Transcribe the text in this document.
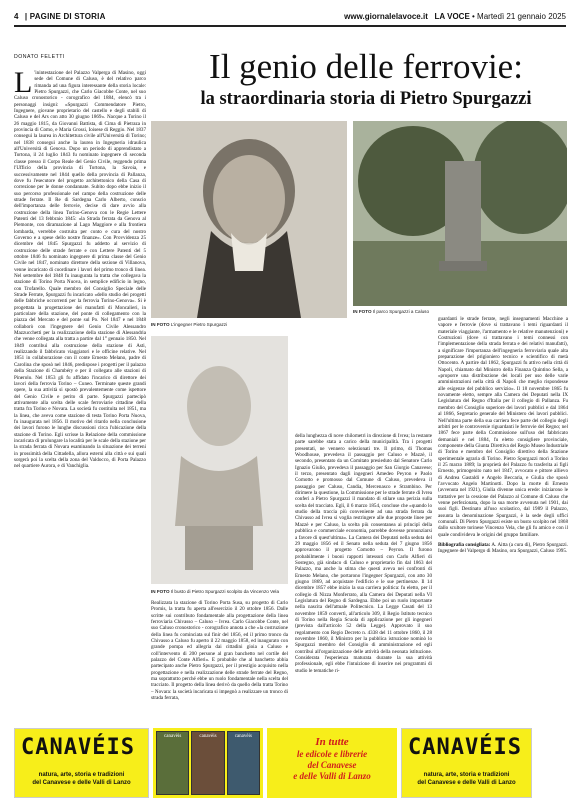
4 | PAGINE DI STORIA	www.giornalelavoce.it LA VOCE • Martedì 21 gennaio 2025
DONATO FELETTI	Il genio delle ferrovie:
la straordinaria storia di Pietro Spurgazzi
L 'inintestazione del Palazzo Valperga di Masino, oggi sede del Comune di Caluso, è del relativo parco rimanda ad una figura interessante della storia locale: Pietro Spurgazzi, che Carlo Giacobbe Conte, nel suo Caluso cronostorico - corografico del 1884, elencò tra i personaggi insigni: «Spurgazzi Commendatore Pietro, Ingegnere, giovane proprietario del castello e degli stabili di Caluso e del Ars con atto 30 giugno 1869». Nacque a Torino il 26 maggio 1815, da Giovanni Battista, di Cima di Pietraza in provincia di Como, e Maria Grossi, Ioisese di Reggio. Nel 1837 conseguì la laurea in Architettura civile all'Università di Torino; nel 1838 conseguì anche la laurea in Ingegneria idraulica all'Università di Genova. Dopo un periodo di apprendistato a Tortona, il 24 luglio 1843 fu nominato ingegnere di seconda classe presso il Corpo Reale del Genio Civile, reggendo prima l'Ufficio della provincia di Tortona, la Savoia, e successivamente nel 1844 quello della provincia di Pallanza, dove fu l'esecutore del progetto architettonico della Casa di correzione per le donne condannate. Subito dopo ebbe inizio il suo percorso professionale nel campo della costruzione delle strade ferrate. Il Re di Sardegna Carlo Alberto, conscio dell'importanza delle ferrovie, decise di dare avvio alla costruzione della linea Torino-Genova con le Regie Lettere Patenti del 13 febbraio 1845: «la Strada ferrata da Genova al Piemonte, con diramazione al Lago Maggiore e alla frontiera lombarda, verrebbe costruita per conto e cura del nostro Governo e a spese dello nostre finanze». Con Provvidenza 25 dicembre del 1845 Spurgazzi fu addetto al servizio di costruzione delle strade ferrate e con Lettere Patenti del 5 ottobre 1846 fu nominato ingegnere di prima classe del Genio Civile nel 1847, nominato direttore della sezione di Villanova, venne incaricato di coordinare i lavori del primo tronco di linea. Nel settembre del 1848 fu inaugurata la tratta che collegava la stazione di Torino Porta Nuova, in semplice edificio in legno, con Trofarello. Quale membro del Consiglio Speciale delle Strade Ferrate, Spurgazzi fu incaricato «dello studio dei progetti delle fabbriche occorrenti per la ferrovia Torino-Genova». Si è progettata la progettazione dei manufatti di Moncalieri, in particolare della stazione, del ponte di collegamento con la piazza del Mercato e del ponte sul Po. Nel 1847 e nel 1848 collaborò con l'ingegnere del Genio Civile Alessandro Mazzucchetti per la realizzazione della stazione di Alessandria che venne collegata alla tratta a partire dal 1° gennaio 1850. Nel 1849 contribuì alla costruzione della stazione di Asti, realizzando il fabbricato viaggiatori e le officine relative. Nel 1851 in collaborazione con il conte Ernesto Melano, padre di Carolina che sposò nel 1846, predispose i progetti per il palazzo della Stazione di Chambéry e per il collegato alle stazioni di Pinerolo. Nel 1853 gli fu affidato l'incarico di direttore dei lavori della ferrovia Torino – Cuneo. Terminate queste grandi opere, la sua attività si spostò prevalentemente come ispettore del Genio Civile e perito di parte. Spurgazzi partecipò attivamente alla scelta delle scale ferroviarie cittadine della tratta fra Torino e Novara. La società fu costituita nel 1851, ma la linea, che aveva come stazione di testa Torino Porta Nuova, fu inaugurata nel 1856. Il motivo del ritardo nella conclusione dei lavori furono le lunghe discussioni circa l'ubicazione della stazione di Torino. Egli scrisse la Relazione della commissione incaricata di prolungare la località per le scale della stazione per la strada ferrata di Novara esaminando la situazione dei terreni in prossimità della Cittadella, allora esterni alla città e sui quali sorgerà poi la scelta della zona del Valdocco, di Porta Palazzo nel quartiere Aurora, e di Vanchiglia.
IN FOTO L'ingegner Pietro Spurgazzi
IN FOTO Il parco Spurgazzi a Caluso
guardanti le strade ferrate, negli insegnamenti Macchine a vapore e ferrovie (dove si trattavano i temi riguardanti il materiale viaggiante, l'armamento e le relative manutenzioni) e Costruzioni (dove si trattavano i temi connessi con l'implementazione della strada ferrata e dei relativi manufatti), a significare l'importanza dell'ingegneria ferroviaria quale alta preparazione del prigioniero tecnico e scientifico di metà Ottocento. A partire dal 1862, Spurgazzi fu attivo nella città di Napoli, chiamato dal Ministro della Finanza Quintino Sella, a «proporre una distribuzione dei locali per uso delle varie amministrazioni nella città di Napoli che meglio rispondesse alle esigenze del pubblico servizio». Il 18 novembre 1865 fu novamente eletto, sempre alla Camera dei Deputati nella IX Legislatura del Regno d'Italia per il collegio di Pallanza. Fu membro del Consiglio superiore dei lavori pubblici e dal 1864 al 1866, Segretario generale del Ministero dei lavori pubblici. Nell'ultima parte della sua carriera fece parte del collegio degli arbitri per le controversie riguardanti le ferrovie del Regno; nel 1867 fece parte della Commissione sull'uso del fabbricato demaniali e nel 1884, fu eletto consigliere provinciale, componente della Giunta Direttiva del Regio Museo Industriale di Torino e membro del Consiglio direttivo della Stazione sperimentale agraria di Torino. Pietro Spurgazzi morì a Torino il 25 marzo 1889; la proprietà del Palazzo fu trasferita ai figli Ernesto, primogenito nato nel 1847, avvocato e pittore allievo di Andrea Gastaldi e Angelo Beccaria, e Giulia che sposò l'avvocato Angelo Martinotti. Dopo la morte di Ernesto (avvenuta nel 1921), Giulia divenne unica erede: iniziarono le trattative per la cessione del Palazzo al Comune di Caluso che venne perfezionata, dopo la sua morte avvenuta nel 1901, dai suoi figli. Destinato all'uso scolastico, dal 1989 il Palazzo, assunta la denominazione Spurgazzi, è la sede degli uffici comunali. Di Pietro Spurgazzi esiste un busto scolpito nel 1868 dallo scultore torinese Vincenzo Vela, che gli fu amico e con il quale condivideva le origini del gruppo familiare.

Bibliografia consigliata: A. Aitta (a cura di), Pietro Spurgazzi. Ingegnere del Valpergo di Masino, ora Spurgazzi, Caluso 1995.

IN FOTO Il busto di Pietro Spurgazzi scolpito da Vincenzo Vela
Realizzata la stazione di Torino Porta Susa, su progetto di Carlo Promis, la tratta fu aperta all'esercizio il 20 ottobre 1856. Dalle scritte sui contributo fondamentale alla progettazione della linea ferroviaria Chivasso – Caluso – Ivrea. Carlo Giacobbe Conte, nel suo Caluso cronostorico - corografico annota a che «la costruzione della linea fu cominciata sul finir del 1856, ed il primo tronco da Chivasso a Caluso fu aperto il 22 maggio 1858, ed inaugurato con grande pompa ed allegria dai cittadini gioia a Caluso e coll'intervento di 200 persone al gran banchetto nel cortile del palazzo del Conte Alfieri». E probabile che al banchetto abbia partecipato anche Pietro Spurgazzi, per il prestigio acquisito nella progettazione e nella realizzazione delle strade ferrate del Regno, ma soprattutto perché ebbe un ruolo fondamentale nella scelta del tracciato. Il progetto della linea derivò da quello della tratta Torino – Novara: la società incaricata si impegnò a realizzare un tronco di strada ferrata,
della lunghezza di nove chilometri in direzione di Ivrea; la restante parte sarebbe stata a carico della municipalità. Tra i progetti presentati, ne vennero selezionati tre. Il primo, di Thomas Woodhouse, prevedeva il passaggio per Caluso e Mazzè, il secondo, presentato da un Comitato presieduto dal Senatore Carlo Ignazio Giulio, prevedeva il passaggio per San Giorgio Canavese; il terzo, presentato dagli ingegneri Amedeo Peyron e Paolo Comotto e promosso dal Comune di Caluso, prevedeva il passaggio per Caluso, Candia, Mercenasco e Strambino. Per dirimere la questione, la Commissione per le strade ferrate di Ivrea conferì a Pietro Spurgazzi il mandato di stilare una perizia sulla scelta del tracciato. Egli, il 6 marzo 1854, concluse che «quando lo studio della traccia più conveniente ad una strada ferrata da Chivasso ad Ivrea si voglia restringere alle due proposte linee per Mazzè e per Caluso, la scelta più consentanea ai principî della pubblica e commerciale economia, parrebbe dovesse pronunziarsi a favore di quest'ultima». La Camera dei Deputati nella seduta del 29 maggio 1856 ed il Senato nella seduta del 7 giugno 1856 approvarono il progetto Comotto – Peyron. Il furono probabilmente i buoni rapporti intessuti con Carlo Alfieri di Sostegno, già sindaco di Caluso e proprietario fin dal 1863 del Palazzo, ma anche la stima che questi aveva nei confronti di Ernesto Melano, che portarono l'ingegner Spurgazzi, con atto 30 giugno 1869, ad acquistare l'edificio e le sue pertinenze. Il 14 dicembre 1857 ebbe inizio la sua carriera politica: fu eletto, per il collegio di Nizza Monferrato, alla Camera dei Deputati nella VI Legislatura del Regno di Sardegna. Ebbe poi un ruolo importante nella nascita dell'attuale Politecnico. La Legge Casati del 13 novembre 1859 convertì, all'articolo 309, il Regio Istituto tecnico di Torino nella Regia Scuola di applicazione per gli ingegneri (prevista dall'articolo 52 della Legge). Approvato il suo regolamento con Regio Decreto n. 4338 del 11 ottobre 1860, il 28 novembre 1860, il Ministro per la pubblica istruzione nominò lo Spurgazzi membro del Consiglio di amministrazione ed egli contribuì all'organizzazione delle attività della neonata istituzione. Considerata l'esperienza maturata durante la sua attività professionale, egli ebbe l'intuizione di inserire nei programmi di studio le tematiche ri-
CANAVÉIS
natura, arte, storia e tradizioni
del Canavese e delle Valli di Lanzo
canavèis	canavèis	canavèis	In tutte
le edicole e librerie
del Canavese
e delle Valli di Lanzo
CANAVÉIS
natura, arte, storia e tradizioni
del Canavese e delle Valli di Lanzo
